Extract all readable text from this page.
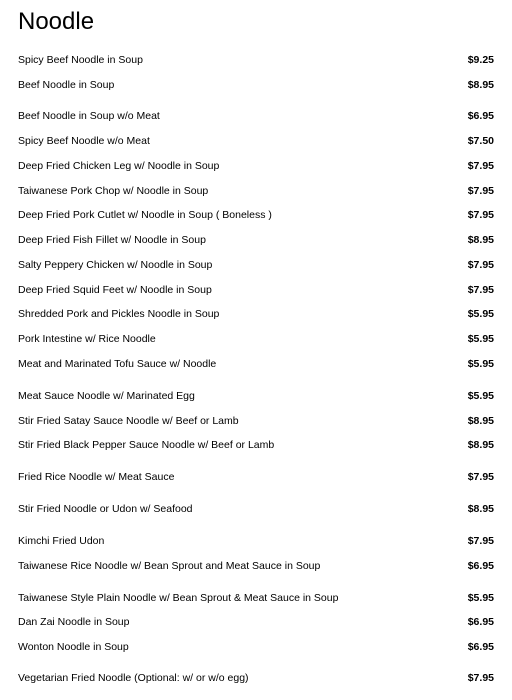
Noodle
Spicy Beef Noodle in Soup	$9.25
Beef Noodle in Soup	$8.95
Beef Noodle in Soup w/o Meat	$6.95
Spicy Beef Noodle w/o Meat	$7.50
Deep Fried Chicken Leg w/ Noodle in Soup	$7.95
Taiwanese Pork Chop w/ Noodle in Soup	$7.95
Deep Fried Pork Cutlet w/ Noodle in Soup ( Boneless )	$7.95
Deep Fried Fish Fillet w/ Noodle in Soup	$8.95
Salty Peppery Chicken w/ Noodle in Soup	$7.95
Deep Fried Squid Feet w/ Noodle in Soup	$7.95
Shredded Pork and Pickles Noodle in Soup	$5.95
Pork Intestine w/ Rice Noodle	$5.95
Meat and Marinated Tofu Sauce w/ Noodle	$5.95
Meat Sauce Noodle w/ Marinated Egg	$5.95
Stir Fried Satay Sauce Noodle w/ Beef or Lamb	$8.95
Stir Fried Black Pepper Sauce Noodle w/ Beef or Lamb	$8.95
Fried Rice Noodle w/ Meat Sauce	$7.95
Stir Fried Noodle or Udon w/ Seafood	$8.95
Kimchi Fried Udon	$7.95
Taiwanese Rice Noodle w/ Bean Sprout and Meat Sauce in Soup	$6.95
Taiwanese Style Plain Noodle w/ Bean Sprout & Meat Sauce in Soup	$5.95
Dan Zai Noodle in Soup	$6.95
Wonton Noodle in Soup	$6.95
Vegetarian Fried Noodle (Optional: w/ or w/o egg)	$7.95
